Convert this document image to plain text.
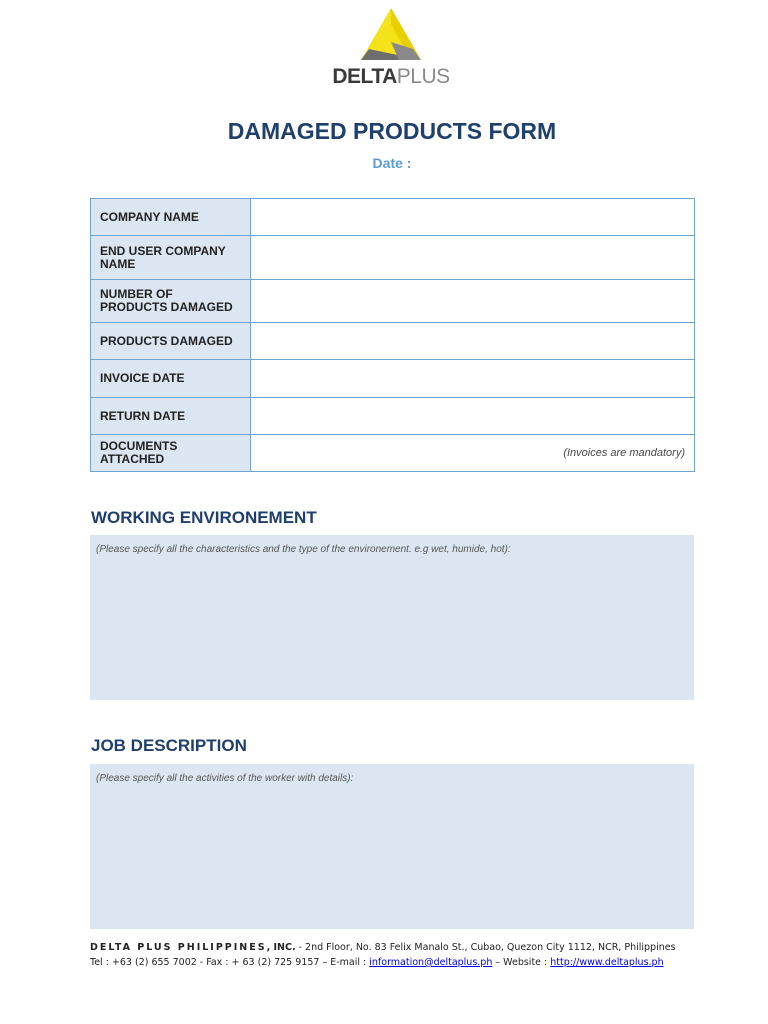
DELTAPLUS
DAMAGED PRODUCTS FORM
Date :
COMPANY NAME	
END USER COMPANY NAME	
NUMBER OF PRODUCTS DAMAGED	
PRODUCTS DAMAGED	
INVOICE DATE	
RETURN DATE	
DOCUMENTS ATTACHED	(Invoices are mandatory)
WORKING ENVIRONEMENT
(Please specify all the characteristics and the type of the environement. e.g wet, humide, hot):
JOB DESCRIPTION
(Please specify all the activities of the worker with details):
DELTA PLUS PHILIPPINES, INC. - 2nd Floor, No. 83 Felix Manalo St., Cubao, Quezon City 1112, NCR, Philippines
Tel : +63 (2) 655 7002 - Fax : + 63 (2) 725 9157 – E-mail : information@deltaplus.ph – Website : http://www.deltaplus.ph
